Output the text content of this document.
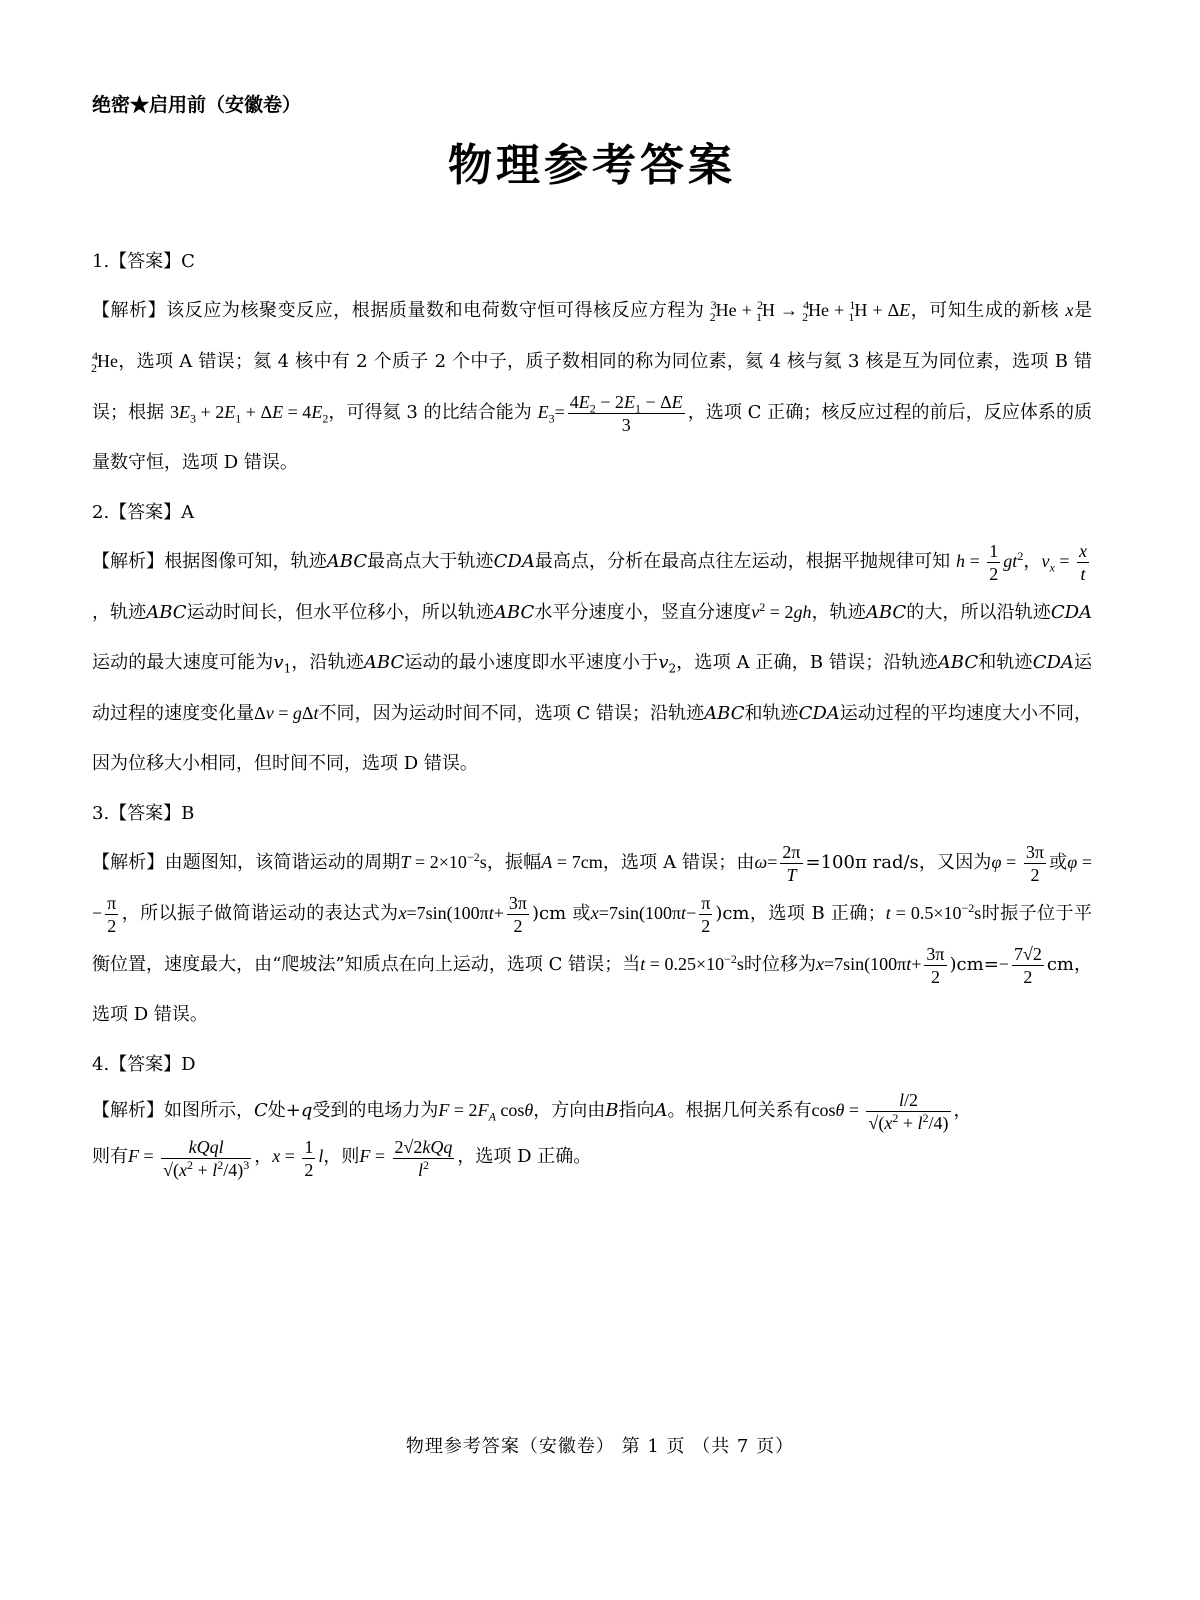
绝密★启用前（安徽卷）
物理参考答案
1.【答案】C
【解析】该反应为核聚变反应，根据质量数和电荷数守恒可得核反应方程为 $^3_2$He + $^2_1$H → $^4_2$He + $^1_1$H + ΔE，可知生成的新核 x是$^4_2$He，选项 A 错误；氦 4 核中有 2 个质子 2 个中子，质子数相同的称为同位素，氦 4 核与氦 3 核是互为同位素，选项 B 错误；根据 $3E_3 + 2E_1 + \Delta E = 4E_2$，可得氦 3 的比结合能为 $E_3= \frac{4E_2 - 2E_1 - \Delta E}{3}$ ，选项 C 正确；核反应过程的前后，反应体系的质量数守恒，选项 D 错误。
2.【答案】A
【解析】根据图像可知，轨迹ABC最高点大于轨迹CDA最高点，分析在最高点往左运动，根据平抛规律可知 $h = \frac{1}{2} gt^2$，$v_x = \frac{x}{t}$
，轨迹ABC运动时间长，但水平位移小，所以轨迹ABC水平分速度小，竖直分速度$v^2 = 2gh$，轨迹ABC的大，所以沿轨迹CDA运动的最大速度可能为$v_1$，沿轨迹ABC运动的最小速度即水平速度小于$v_2$，选项 A 正确，B 错误；沿轨迹ABC和轨迹CDA运动过程的速度变化量Δv = gΔt不同，因为运动时间不同，选项 C 错误；沿轨迹ABC和轨迹CDA运动过程的平均速度大小不同，因为位移大小相同，但时间不同，选项 D 错误。
3.【答案】B
【解析】由题图知，该简谐运动的周期$T = 2\times 10^{-2}s$，振幅A = 7cm，选项 A 错误；由$\omega= \frac{2\pi}{T} =100\pi$ rad/s，又因为$\varphi = \frac{3\pi}{2}$ 或φ = − $\frac{\pi}{2}$ ，所以振子做简谐运动的表达式为$x=7\sin(100\pi t+ \frac{3\pi}{2} )cm$ 或$x=7\sin(100\pi t- \frac{\pi}{2} )cm$，选项 B 正确；$t = 0.5\times 10^{-2}s$时振子位于平衡位置，速度最大，由“爬坡法”知质点在向上运动，选项 C 错误；当$t = 0.25\times 10^{-2}s$时位移为$x=7\sin(100\pi t+ \frac{3\pi}{2} )cm=- \frac{7√2}{2}$ cm，选项 D 错误。
4.【答案】D
【解析】如图所示，C处+q受到的电场力为$F = 2F_A$ cosθ，方向由B指向A。根据几何关系有$\cos\theta = \frac{l/2}{√(x^2 + l^2/4)}$ ，
则有$F = \frac{\text{kQql}}{√(x^2 + l^2/4)^3}$ ，$x = \frac{1}{2}$ l，则$F = \frac{\text{2√2kQq}}{l^2}$ ，选项 D 正确。
物理参考答案（安徽卷） 第 1 页 （共 7 页）
